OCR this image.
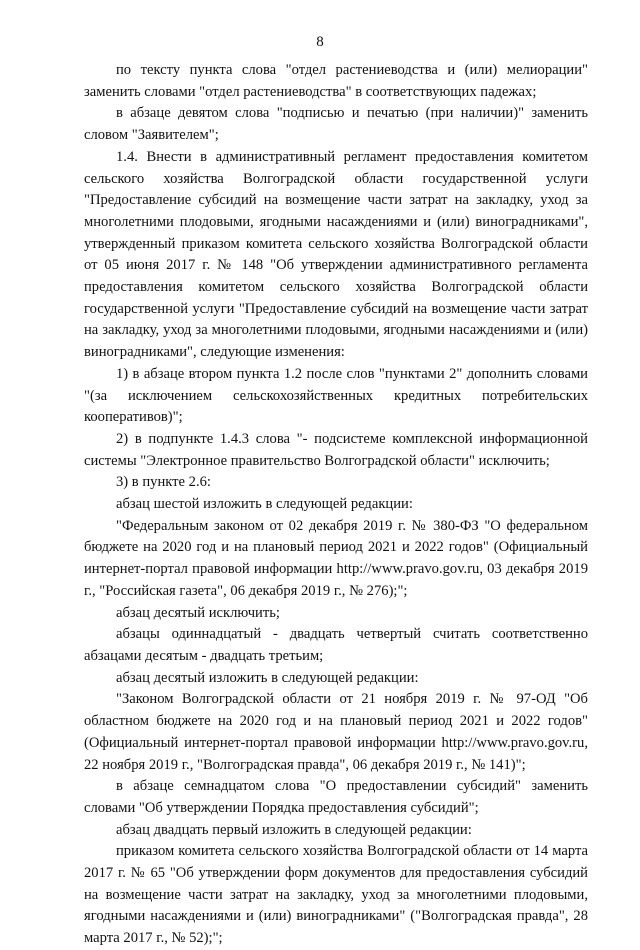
8

по тексту пункта слова "отдел растениеводства и (или) мелиорации" заменить словами "отдел растениеводства" в соответствующих падежах;

в абзаце девятом слова "подписью и печатью (при наличии)" заменить словом "Заявителем";

1.4. Внести в административный регламент предоставления комитетом сельского хозяйства Волгоградской области государственной услуги "Предоставление субсидий на возмещение части затрат на закладку, уход за многолетними плодовыми, ягодными насаждениями и (или) виноградниками", утвержденный приказом комитета сельского хозяйства Волгоградской области от 05 июня 2017 г. № 148 "Об утверждении административного регламента предоставления комитетом сельского хозяйства Волгоградской области государственной услуги "Предоставление субсидий на возмещение части затрат на закладку, уход за многолетними плодовыми, ягодными насаждениями и (или) виноградниками", следующие изменения:

1) в абзаце втором пункта 1.2 после слов "пунктами 2" дополнить словами "(за исключением сельскохозяйственных кредитных потребительских кооперативов)";

2) в подпункте 1.4.3 слова "- подсистеме комплексной информационной системы "Электронное правительство Волгоградской области" исключить;

3) в пункте 2.6:

абзац шестой изложить в следующей редакции:

"Федеральным законом от 02 декабря 2019 г. № 380-ФЗ "О федеральном бюджете на 2020 год и на плановый период 2021 и 2022 годов" (Официальный интернет-портал правовой информации http://www.pravo.gov.ru, 03 декабря 2019 г., "Российская газета", 06 декабря 2019 г., № 276);";

абзац десятый исключить;

абзацы одиннадцатый - двадцать четвертый считать соответственно абзацами десятым - двадцать третьим;

абзац десятый изложить в следующей редакции:

"Законом Волгоградской области от 21 ноября 2019 г. № 97-ОД "Об областном бюджете на 2020 год и на плановый период 2021 и 2022 годов" (Официальный интернет-портал правовой информации http://www.pravo.gov.ru, 22 ноября 2019 г., "Волгоградская правда", 06 декабря 2019 г., № 141)";

в абзаце семнадцатом слова "О предоставлении субсидий" заменить словами "Об утверждении Порядка предоставления субсидий";

абзац двадцать первый изложить в следующей редакции:

приказом комитета сельского хозяйства Волгоградской области от 14 марта 2017 г. № 65 "Об утверждении форм документов для предоставления субсидий на возмещение части затрат на закладку, уход за многолетними плодовыми, ягодными насаждениями и (или) виноградниками" ("Волгоградская правда", 28 марта 2017 г., № 52);";
